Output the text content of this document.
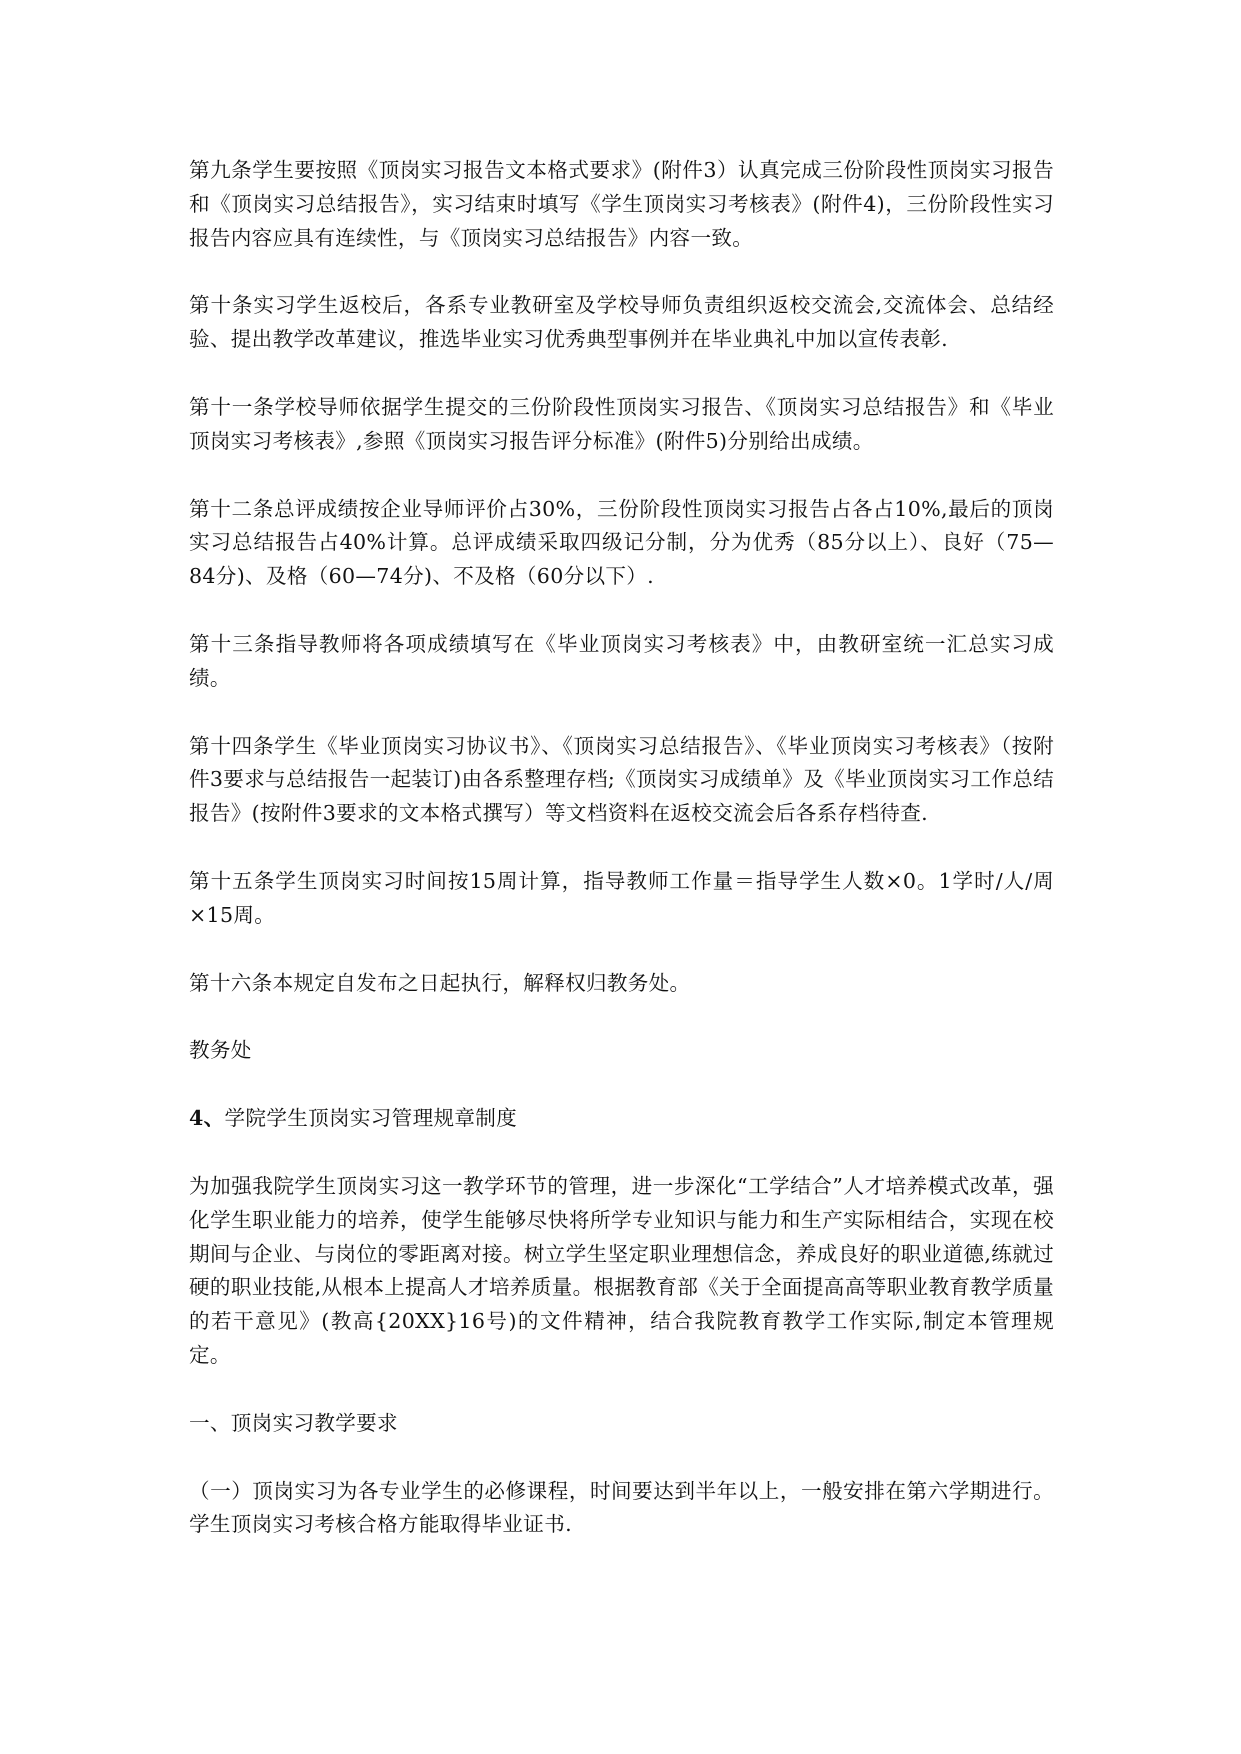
第九条学生要按照《顶岗实习报告文本格式要求》(附件3）认真完成三份阶段性顶岗实习报告和《顶岗实习总结报告》，实习结束时填写《学生顶岗实习考核表》(附件4)，三份阶段性实习报告内容应具有连续性，与《顶岗实习总结报告》内容一致。

第十条实习学生返校后，各系专业教研室及学校导师负责组织返校交流会,交流体会、总结经验、提出教学改革建议，推选毕业实习优秀典型事例并在毕业典礼中加以宣传表彰.

第十一条学校导师依据学生提交的三份阶段性顶岗实习报告、《顶岗实习总结报告》和《毕业顶岗实习考核表》,参照《顶岗实习报告评分标准》(附件5)分别给出成绩。

第十二条总评成绩按企业导师评价占30%，三份阶段性顶岗实习报告占各占10%,最后的顶岗实习总结报告占40%计算。总评成绩采取四级记分制，分为优秀（85分以上）、良好（75—84分)、及格（60—74分)、不及格（60分以下）.

第十三条指导教师将各项成绩填写在《毕业顶岗实习考核表》中，由教研室统一汇总实习成绩。

第十四条学生《毕业顶岗实习协议书》、《顶岗实习总结报告》、《毕业顶岗实习考核表》（按附件3要求与总结报告一起装订)由各系整理存档;《顶岗实习成绩单》及《毕业顶岗实习工作总结报告》(按附件3要求的文本格式撰写）等文档资料在返校交流会后各系存档待查.

第十五条学生顶岗实习时间按15周计算，指导教师工作量＝指导学生人数×0。1学时/人/周×15周。

第十六条本规定自发布之日起执行，解释权归教务处。

教务处

4、学院学生顶岗实习管理规章制度

为加强我院学生顶岗实习这一教学环节的管理，进一步深化“工学结合”人才培养模式改革，强化学生职业能力的培养，使学生能够尽快将所学专业知识与能力和生产实际相结合，实现在校期间与企业、与岗位的零距离对接。树立学生坚定职业理想信念，养成良好的职业道德,练就过硬的职业技能,从根本上提高人才培养质量。根据教育部《关于全面提高高等职业教育教学质量的若干意见》(教高{20XX}16号)的文件精神，结合我院教育教学工作实际,制定本管理规定。

一、顶岗实习教学要求

（一）顶岗实习为各专业学生的必修课程，时间要达到半年以上，一般安排在第六学期进行。学生顶岗实习考核合格方能取得毕业证书.
